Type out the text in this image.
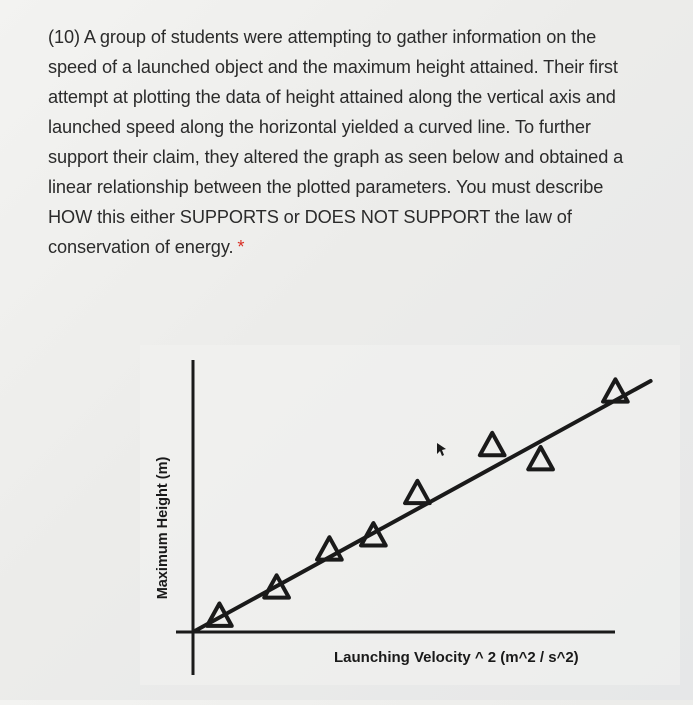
(10) A group of students were attempting to gather information on the
speed of a launched object and the maximum height attained. Their first
attempt at plotting the data of height attained along the vertical axis and
launched speed along the horizontal yielded a curved line. To further
support their claim, they altered the graph as seen below and obtained a
linear relationship between the plotted parameters. You must describe
HOW this either SUPPORTS or DOES NOT SUPPORT the law of
conservation of energy. *
Maximum Height (m)
Launching Velocity ^ 2 (m^2 / s^2)
